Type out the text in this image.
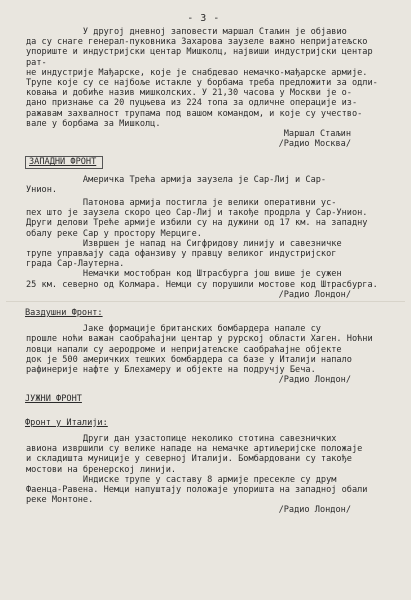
- 3 -

У другој дневној заповести маршал Стаљин је објавио
да су снаге генерал-пуковника Захарова заузеле важно непријатељско
упориште и индустријски центар Мишколц, највиши индустријски центар рат-
не индустрије Мађарске, које је снабдевао немачко-мађарске армије.
Трупе које су се најбоље истакле у борбама треба предложити за одли-
ковања и добиће назив мишколских. У 21,30 часова у Москви је о-
дано признање са 20 пуцњева из 224 топа за одличне операције из-
ражавам захвалност трупама под вашом командом, и које су учество-
вале у борбама за Мишколц.

Маршал Стаљин

/Радио Москва/

ЗАПАДНИ ФРОНТ

Америчка Трећа армија заузела је Сар-Лиј и Сар-
Унион.

Патонова армија постигла је велики оперативни ус-
пех што је заузела скоро цео Сар-Лиј и такође продрла у Сар-Унион.
Други делови Треће армије избили су на дужини од 17 км. на западну
обалу реке Сар у простору Мерциге.

Извршен је напад на Сигфридову линију и савезничке
трупе управљају сада офанзиву у правцу великог индустријског
града Сар-Лаутерна.

Немачки мостобран код Штрасбурга још више је сужен
25 км. северно од Колмара. Немци су порушили мостове код Штрасбурга.

/Радио Лондон/

Ваздушни Фронт:

Јаке формације британских бомбардера напале су
прошле ноћи важан саобраћајни центар у рурској области Хаген. Ноћни
ловци напали су аеродроме и непријатељске саобраћајне објекте
док је 500 америчких тешких бомбардера са базе у Италији напало
рафинерије нафте у Блехамеру и објекте на подручју Беча.

/Радио Лондон/

ЈУЖНИ ФРОНТ
Фронт у Италији:

Други дан узастопице неколико стотина савезничких
авиона извршили су велике нападе на немачке артиљеријске положаје
и складишта муниције у северној Италији. Бомбардовани су такође
мостови на бренерској линији.

Индиске трупе у саставу 8 армије пресекле су друм
Фаенца-Равена. Немци напуштају положаје упоришта на западној обали
реке Монтоне.

/Радио Лондон/
